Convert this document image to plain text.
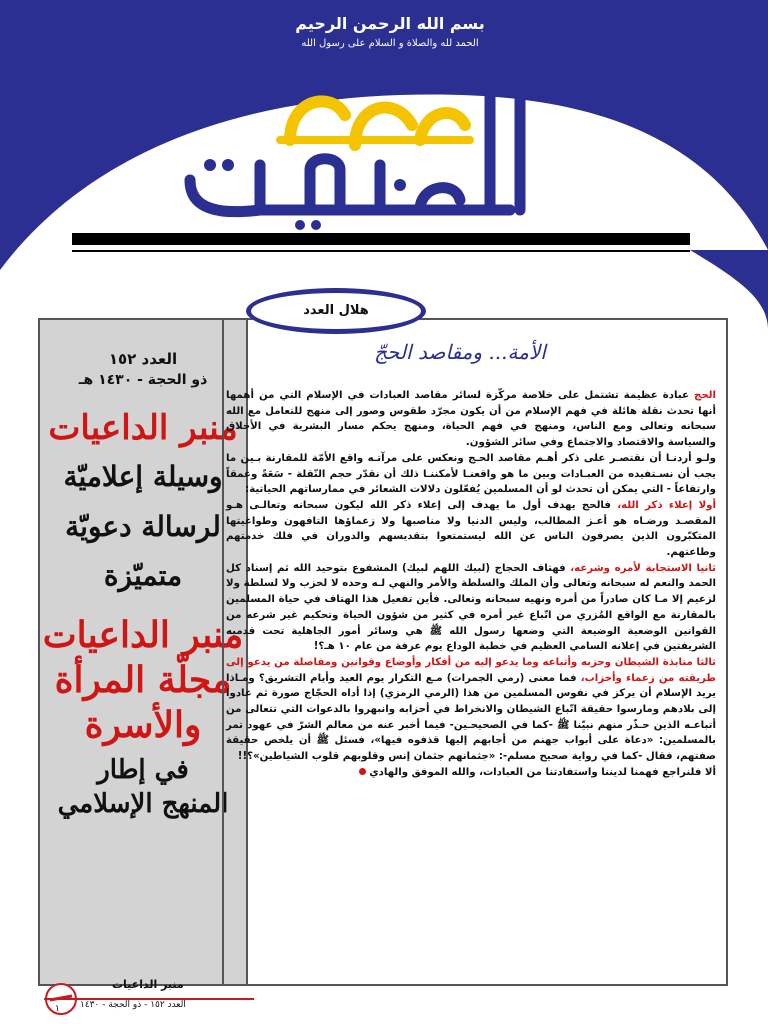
بسم الله الرحمن الرحيم
الحمد لله والصلاة و السلام على رسول الله
العدد ١٥٢
ذو الحجة - ١٤٣٠ هـ
منبر الداعيات
وسيلة إعلاميّة
لرسالة دعويّة
متميّزة
منبر الداعيات
مجلّة المرأة
والأسرة
في إطار
المنهج الإسلامي
هلال العدد
الأمة... ومقاصد الحجّ

الحج عبادة عظيمة تشتمل على خلاصة مركّزة لسائر مقاصد العبادات في الإسلام التي من أهمها أنها تحدث نقلة هائلة في فهم الإسلام من أن يكون مجرّد طقوس وصور إلى منهج للتعامل مع الله سبحانه وتعالى ومع الناس، ومنهج في فهم الحياة، ومنهج يحكم مسار البشرية في الأخلاق والسياسة والاقتصاد والاجتماع وفي سائر الشؤون.

ولـو أردنـا أن نقتصـر على ذكر أهـم مقاصد الحـج ونعكس على مرآتـه واقع الأمّة للمقارنة بـين ما يجب أن نسـتفيده من العبـادات وبين ما هو واقعنـا لأمكننـا ذلك أن نقدّر حجم النّقلة - سَعَةً وعمقاً وارتفاعاً - التي يمكن أن تحدث لو أن المسلمين يُفعّلون دلالات الشعائر في ممارساتهم الحياتية:

أولا إعلاء ذكر الله، فالحج يهدف أول ما يهدف إلى إعلاء ذكر الله ليكون سبحانه وتعالـى هـو المقصـد ورضـاه هو أعـز المطالب، وليس الدنيا ولا مناصبها ولا زعماؤها التافهون وطواغيتها المتكبّرون الذين يصرفون الناس عن الله ليستمتعوا بتقديسهم والدوران في فلك خدمتهم وطاعتهم.

ثانيا الاستجابة لأمره وشرعه، فهتاف الحجاج (لبيك اللهم لبيك) المشفوع بتوحيد الله ثم إسناد كل الحمد والنعم له سبحانه وتعالى وأن الملك والسلطة والأمر والنهي لـه وحده لا لحزب ولا لسلطة ولا لزعيم إلا مـا كان صادراً من أمره ونهيه سبحانه وتعالى. فأين تفعيل هذا الهتاف في حياة المسلمين بالمقارنة مع الواقع المُزري من اتّباع غير أمره في كثير من شؤون الحياة وتحكيم غير شرعه من القوانين الوضعية الوضيعة التي وضعها رسول الله ﷺ هي وسائر أمور الجاهلية تحت قدميه الشريفتين في إعلانه السامي العظيم في خطبة الوداع يوم عرفة من عام ١٠ هـ؟!

ثالثا منابذة الشيطان وحزبه وأتباعه وما يدعو إليه من أفكار وأوضاع وقوانين ومفاصلة من يدعو إلى طريقته من زعماء وأحزاب، فما معنى (رمي الجمرات) مـع التكرار يوم العيد وأيام التشريق؟ ومـاذا يريد الإسلام أن يركز في نفوس المسلمين من هذا (الرمي الرمزي) إذا أداه الحجّاج صورة ثم عادوا إلى بلادهم ومارسوا حقيقة اتّباع الشيطان والانخراط في أحزابه وانبهروا بالدعوات التي تتعالى من أتباعـه الذين حـذّر منهم نبيّنا ﷺ -كما في الصحيحـين- فيما أخبر عنه من معالم الشرّ في عهود تمر بالمسلمين: «دعاة على أبواب جهنم من أجابهم إليها قذفوه فيها»، فسئل ﷺ أن يلخص حقيقة صفتهم، فقال -كما في رواية صحيح مسلم-: «جثمانهم جثمان إنس وقلوبهم قلوب الشياطين»؟!!

ألا فلنراجع فهمنا لديننا واستفادتنا من العبادات، والله الموفق والهادي

١
منبر الداعيات
العدد ١٥٢ - ذو الحجة - ١٤٣٠
